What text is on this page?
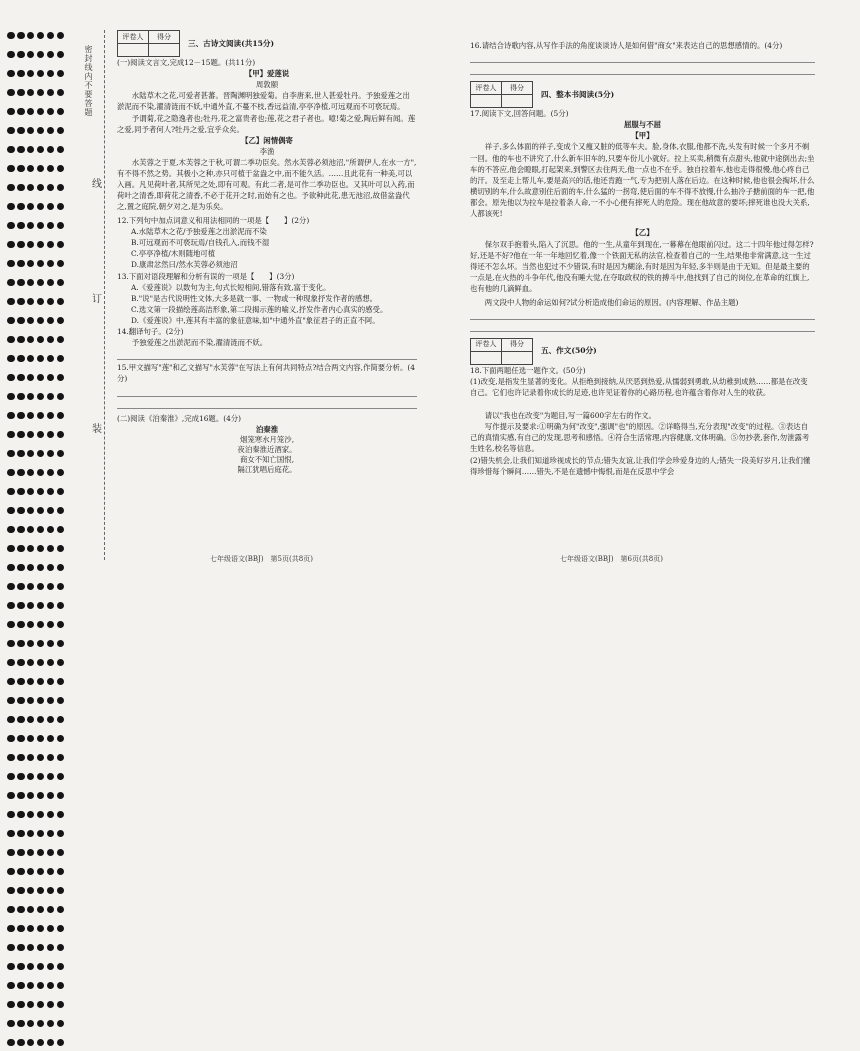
密封线内不要答题
线
订
装
评卷人	得分

三、古诗文阅读(共15分)

(一)阅读文言文,完成12－15题。(共11分)

【甲】爱莲说

周敦颐

水陆草木之花,可爱者甚蕃。晋陶渊明独爱菊。自李唐来,世人甚爱牡丹。予独爱莲之出淤泥而不染,濯清涟而不妖,中通外直,不蔓不枝,香远益清,亭亭净植,可远观而不可亵玩焉。

予谓菊,花之隐逸者也;牡丹,花之富贵者也;莲,花之君子者也。噫!菊之爱,陶后鲜有闻。莲之爱,同予者何人?牡丹之爱,宜乎众矣。

【乙】闲情偶寄

李渔

水芙蓉之于夏,木芙蓉之于秋,可谓二季功臣矣。然水芙蓉必须池沼,"所谓伊人,在水一方",有不得不然之势。其极小之种,亦只可植于盆盎之中,而不能久活。……且此花有一种美,可以入画。凡见荷叶者,其所见之处,即有可观。有此二者,是可作二季功臣也。又其叶可以入药,而荷叶之清香,即荷花之清香,不必于花开之时,而始有之也。予欲种此花,患无池沼,故借盆盎代之,置之庭院,朝夕对之,是为乐矣。

12.下列句中加点词意义和用法相同的一项是【　　】(2分)

A.水陆草木之花/予独爱莲之出淤泥而不染

B.可远观而不可亵玩焉/自钱孔入,而钱不湿

C.亭亭净植/木则随地可植

D.康肃忿然曰/然水芙蓉必须池沼

13.下面对语段理解和分析有误的一项是【　　】(3分)

A.《爱莲说》以数句为主,句式长短相间,错落有致,富于变化。

B."说"是古代说明性文体,大多是就一事、一物或一种现象抒发作者的感想。

C.选文第一段描绘莲高洁形象,第二段揭示莲的喻义,抒发作者内心真实的感受。

D.《爱莲说》中,莲其有丰富的象征意味,如"中通外直"象征君子的正直不阿。

14.翻译句子。(2分)

予独爱莲之出淤泥而不染,濯清涟而不妖。

15.甲文描写"莲"和乙文描写"水芙蓉"在写法上有何共同特点?结合两文内容,作简要分析。(4分)

(二)阅读《泊秦淮》,完成16题。(4分)

泊秦淮

烟笼寒水月笼沙,
夜泊秦淮近酒家。
商女不知亡国恨,
隔江犹唱后庭花。
七年级语文(BBJ)　第5页(共8页)

16.请结合诗歌内容,从写作手法的角度谈谈诗人是如何借"商女"来表达自己的思想感情的。(4分)

评卷人	得分

四、整本书阅读(5分)

17.阅读下文,回答问题。(5分)

屈服与不屈

【甲】

祥子,多么体面的祥子,变成个又瘦又脏的低等车夫。脸,身体,衣服,他都不洗,头发有时候一个多月不剃一回。他的车也不讲究了,什么新车旧车的,只要车份儿小就好。拉上买卖,稍微有点甜头,他就中途倒出去;坐车的不答应,他会瞪眼,打起架来,到警区去住两天,他一点也不在乎。独自拉着车,他也走得很慢,他心疼自己的汗。及至走上帮儿车,要是高兴的话,他还肯跑一气,专为把别人落在后边。在这种时候,他也很会掏坏,什么横切别的车,什么故意别住后面的车,什么猛的一拐弯,使后面的车不得不放慢,什么抽冷子搪前面的车一把,他都会。原先他以为拉车是拉着条人命,一不小心便有摔死人的危险。现在他故意的要坏;摔死谁也没大关系,人都该死!

【乙】

保尔双手抱着头,陷入了沉思。他的一生,从童年到现在,一幕幕在他眼前闪过。这二十四年他过得怎样?好,还是不好?他在一年一年地回忆着,像一个铁面无私的法官,检查着自己的一生,结果他非常满意,这一生过得还不怎么坏。当然也犯过不少错误,有时是因为糊涂,有时是因为年轻,多半则是由于无知。但是最主要的一点是,在火热的斗争年代,他没有睡大觉,在夺取政权的铁的搏斗中,他找到了自己的岗位,在革命的红旗上,也有他的几滴鲜血。

两文段中人物的命运如何?试分析造成他们命运的原因。(内容理解、作品主题)

评卷人	得分

五、作文(50分)

18.下面两题任选一题作文。(50分)

(1)改变,是指发生显著的变化。从拒绝到接纳,从厌恶到热爱,从懦弱到勇敢,从幼稚到成熟……都是在改变自己。它们也许记录着你成长的足迹,也许见证着你的心路历程,也许蕴含着你对人生的收获。

请以"我也在改变"为题目,写一篇600字左右的作文。

写作提示及要求:①明确为何"改变",强调"也"的原因。②详略得当,充分表现"改变"的过程。③表达自己的真情实感,有自己的发现,思考和感悟。④符合生活常理,内容健康,文体明确。⑤勿抄袭,套作,勿泄露考生姓名,校名等信息。

(2)错失机会,让我们知道珍视成长的节点;错失友谊,让我们学会珍爱身边的人;错失一段美好岁月,让我们懂得珍惜每个瞬间……错失,不是在遗憾中悔恨,而是在反思中学会

七年级语文(BBJ)　第6页(共8页)
